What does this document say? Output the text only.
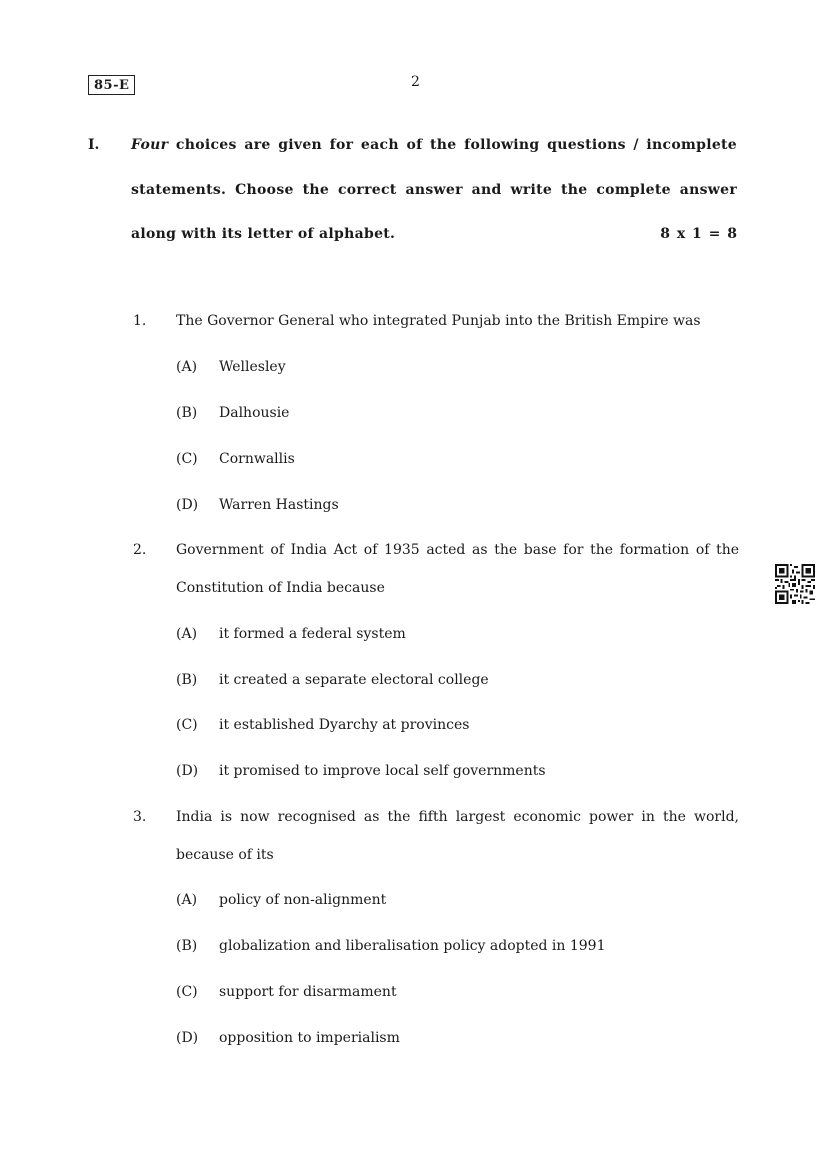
85-E	2
I. Four choices are given for each of the following questions / incomplete
statements. Choose the correct answer and write the complete answer
along with its letter of alphabet.	8 x 1 = 8
1. The Governor General who integrated Punjab into the British Empire was
(A) Wellesley
(B) Dalhousie
(C) Cornwallis
(D) Warren Hastings
2. Government of India Act of 1935 acted as the base for the formation of the
Constitution of India because
(A) it formed a federal system
(B) it created a separate electoral college
(C) it established Dyarchy at provinces
(D) it promised to improve local self governments
3. India is now recognised as the fifth largest economic power in the world,
because of its
(A) policy of non-alignment
(B) globalization and liberalisation policy adopted in 1991
(C) support for disarmament
(D) opposition to imperialism
